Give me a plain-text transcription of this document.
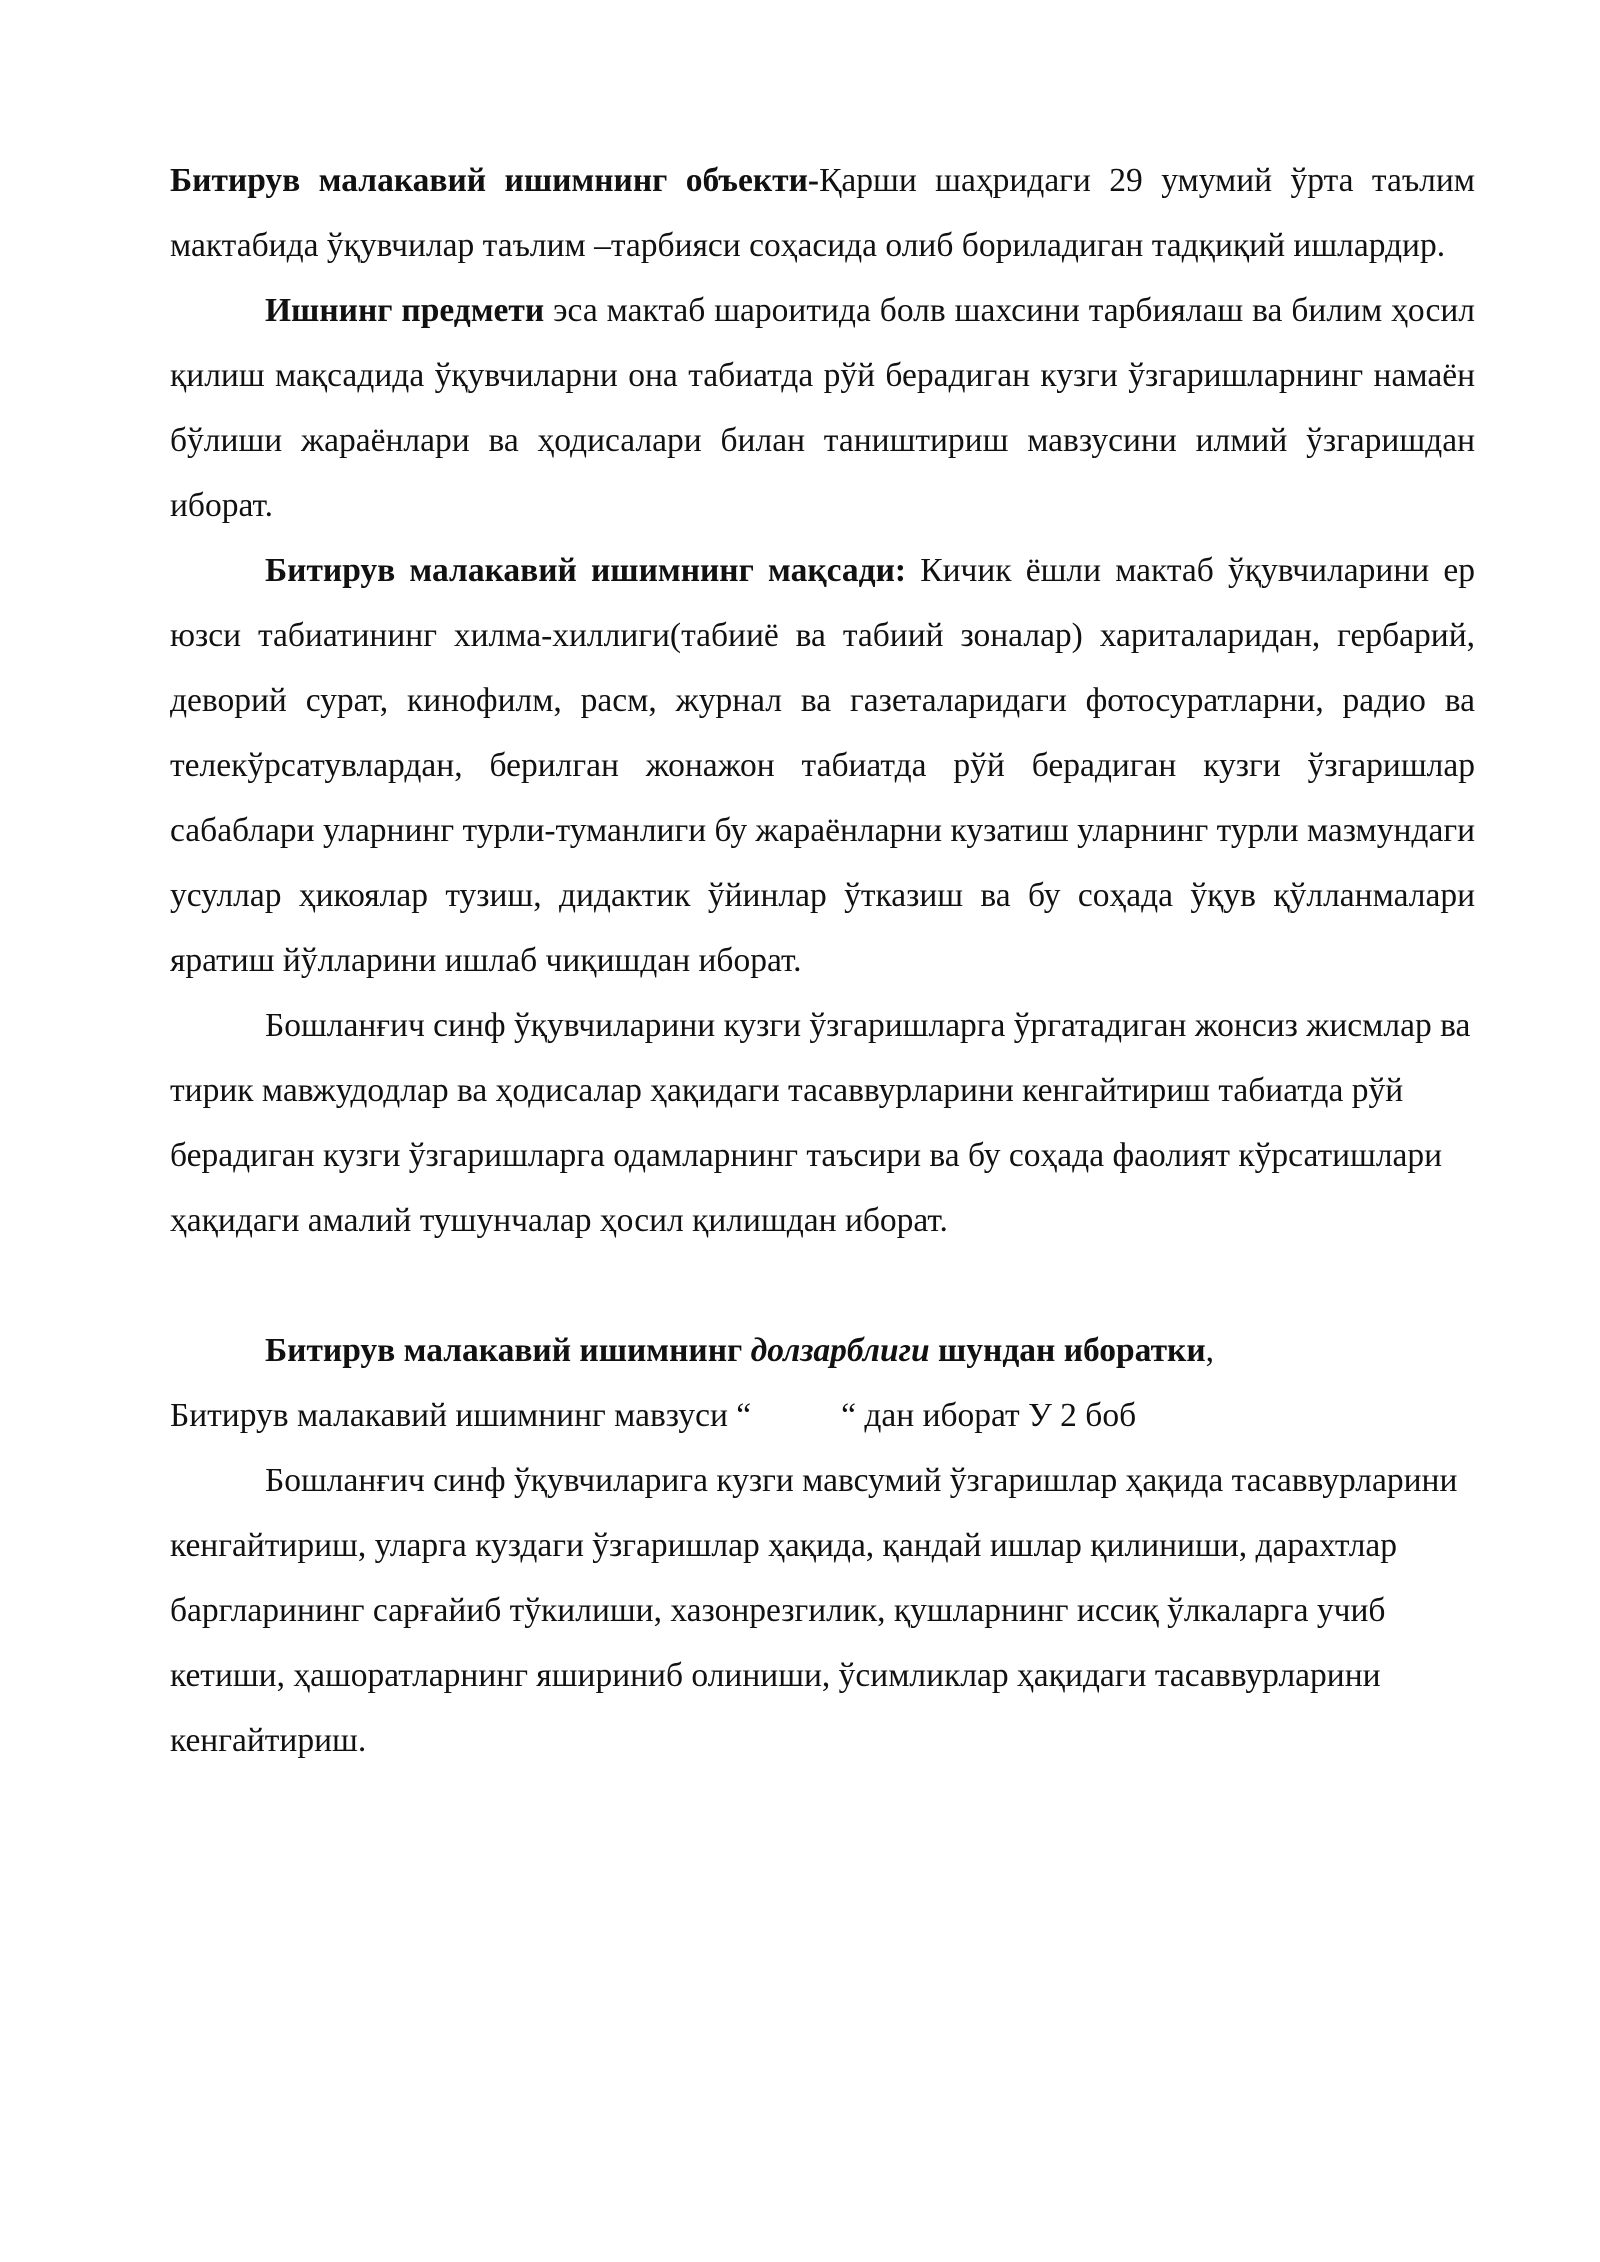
Битирув малакавий ишимнинг объекти-Қарши шаҳридаги 29 умумий ўрта таълим мактабида ўқувчилар таълим –тарбияси соҳасида олиб бориладиган тадқиқий ишлардир.

Ишнинг предмети эса мактаб шароитида болв шахсини тарбиялаш ва билим ҳосил қилиш мақсадида ўқувчиларни она табиатда рўй берадиган кузги ўзгаришларнинг намаён бўлиши жараёнлари ва ҳодисалари билан таништириш мавзусини илмий ўзгаришдан иборат.

Битирув малакавий ишимнинг мақсади: Кичик ёшли мактаб ўқувчиларини ер юзси табиатининг хилма-хиллиги(табииё ва табиий зоналар) хариталаридан, гербарий, деворий сурат, кинофилм, расм, журнал ва газеталаридаги фотосуратларни, радио ва телекўрсатувлардан, берилган жонажон табиатда рўй берадиган кузги ўзгаришлар сабаблари уларнинг турли-туманлиги бу жараёнларни кузатиш уларнинг турли мазмундаги усуллар ҳикоялар тузиш, дидактик ўйинлар ўтказиш ва бу соҳада ўқув қўлланмалари яратиш йўлларини ишлаб чиқишдан иборат.

Бошланғич синф ўқувчиларини кузги ўзгаришларга ўргатадиган жонсиз жисмлар ва тирик мавжудодлар ва ҳодисалар ҳақидаги тасаввурларини кенгайтириш табиатда рўй берадиган кузги ўзгаришларга одамларнинг таъсири ва бу соҳада фаолият кўрсатишлари ҳақидаги амалий тушунчалар ҳосил қилишдан иборат.

Битирув малакавий ишимнинг долзарблиги шундан иборатки,

Битирув малакавий ишимнинг мавзуси “	“ дан иборат У 2 боб

Бошланғич синф ўқувчиларига кузги мавсумий ўзгаришлар ҳақида тасаввурларини кенгайтириш, уларга куздаги ўзгаришлар ҳақида, қандай ишлар қилиниши, дарахтлар баргларининг сарғайиб тўкилиши, хазонрезгилик, қушларнинг иссиқ ўлкаларга учиб кетиши, ҳашоратларнинг яшириниб олиниши, ўсимликлар ҳақидаги тасаввурларини кенгайтириш.
